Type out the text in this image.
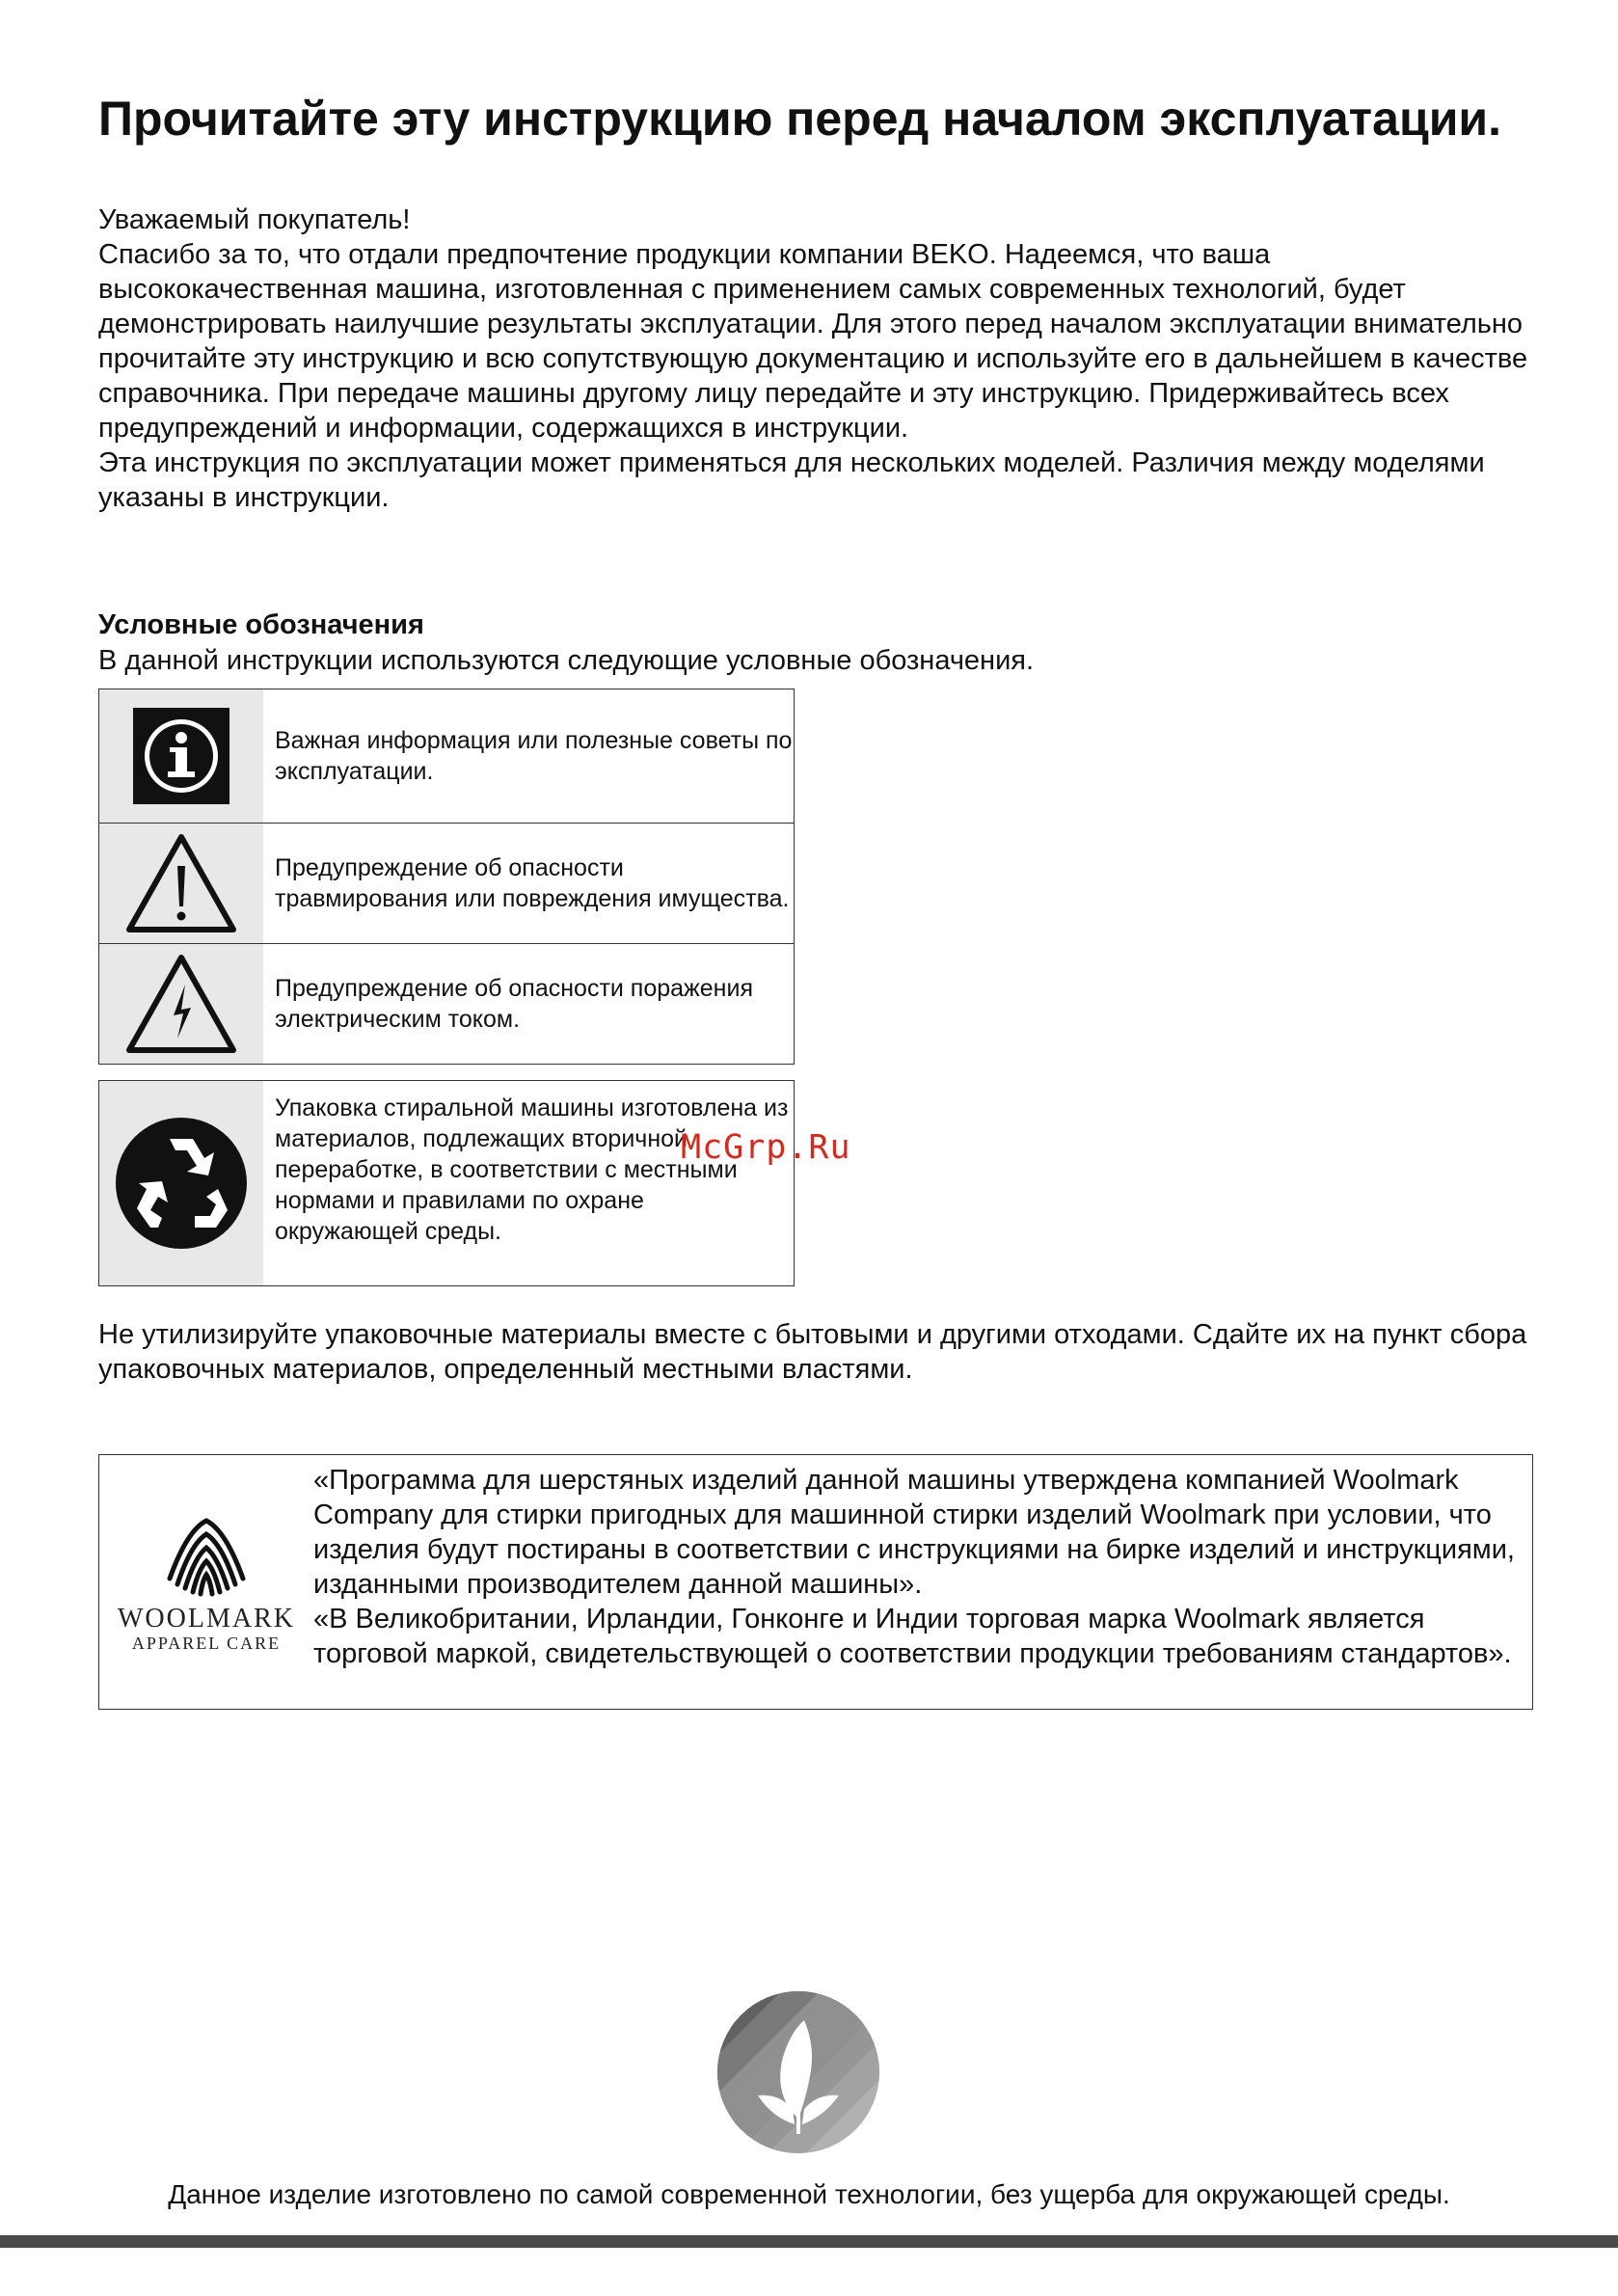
Прочитайте эту инструкцию перед началом эксплуатации.

Уважаемый покупатель!

Спасибо за то, что отдали предпочтение продукции компании BEKO. Надеемся, что ваша высококачественная машина, изготовленная с применением самых современных технологий, будет демонстрировать наилучшие результаты эксплуатации. Для этого перед началом эксплуатации внимательно прочитайте эту инструкцию и всю сопутствующую документацию и используйте его в дальнейшем в качестве справочника. При передаче машины другому лицу передайте и эту инструкцию. Придерживайтесь всех предупреждений и информации, содержащихся в инструкции.

Эта инструкция по эксплуатации может применяться для нескольких моделей. Различия между моделями указаны в инструкции.

Условные обозначения
В данной инструкции используются следующие условные обозначения.
Важная информация или полезные советы по эксплуатации.
Предупреждение об опасности травмирования или повреждения имущества.
Предупреждение об опасности поражения электрическим током.
Упаковка стиральной машины изготовлена из материалов, подлежащих вторичной переработке, в соответствии с местными нормами и правилами по охране окружающей среды.
McGrp.Ru

Не утилизируйте упаковочные материалы вместе с бытовыми и другими отходами. Сдайте их на пункт сбора упаковочных материалов, определенный местными властями.

WOOLMARK
APPAREL CARE

«Программа для шерстяных изделий данной машины утверждена компанией Woolmark Company для стирки пригодных для машинной стирки изделий Woolmark при условии, что изделия будут постираны в соответствии с инструкциями на бирке изделий и инструкциями, изданными производителем данной машины».

«В Великобритании, Ирландии, Гонконге и Индии торговая марка Woolmark является торговой маркой, свидетельствующей о соответствии продукции требованиям стандартов».

Данное изделие изготовлено по самой современной технологии, без ущерба для окружающей среды.
